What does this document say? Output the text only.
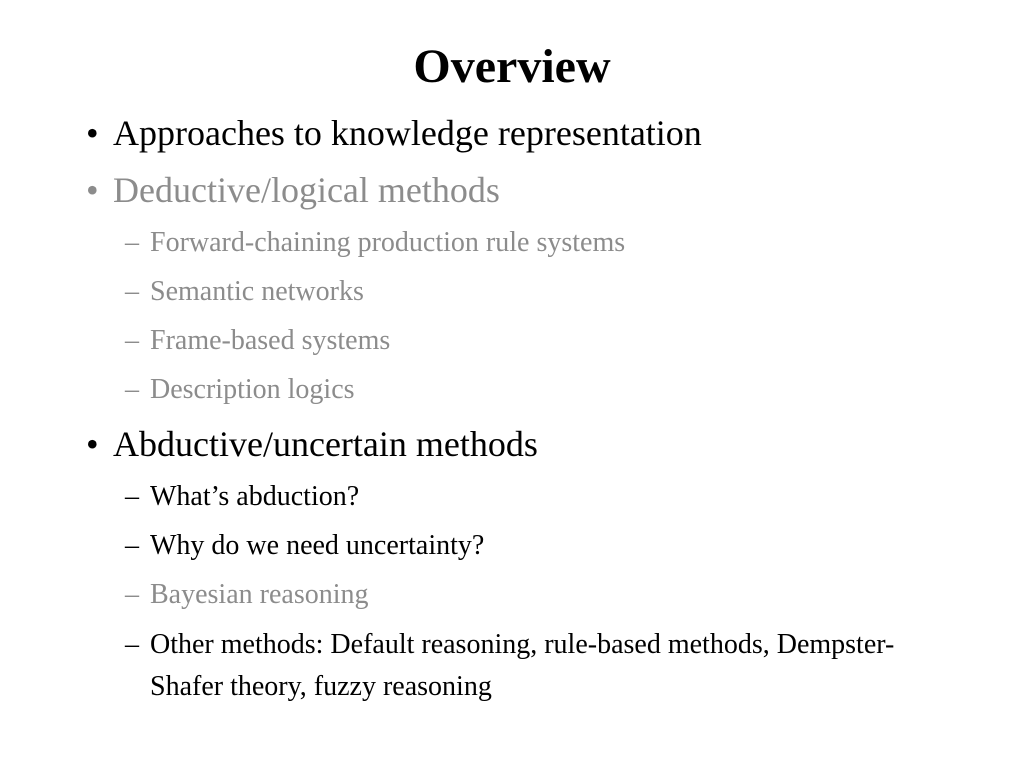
Overview
• Approaches to knowledge representation
• Deductive/logical methods
– Forward-chaining production rule systems
– Semantic networks
– Frame-based systems
– Description logics
• Abductive/uncertain methods
– What’s abduction?
– Why do we need uncertainty?
– Bayesian reasoning
– Other methods: Default reasoning, rule-based methods, Dempster-Shafer theory, fuzzy reasoning
